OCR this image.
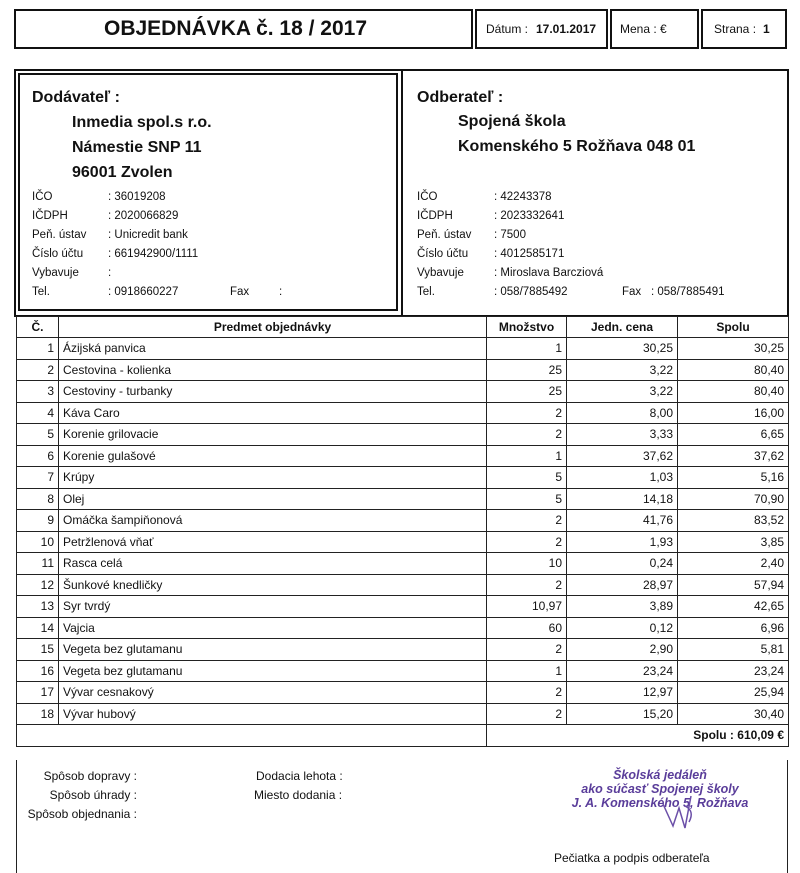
OBJEDNÁVKA č. 18 / 2017	Dátum : 17.01.2017 Mena : €	Strana : 1
Dodávateľ :
Inmedia spol.s r.o.
Námestie SNP 11
96001 Zvolen
IČO	: 36019208
IČDPH	: 2020066829
Peň. ústav : Unicredit bank
Číslo účtu : 661942900/1111
Vybavuje	:
Tel.	: 0918660227	Fax	:
Odberateľ :
Spojená škola
Komenského 5 Rožňava 048 01
IČO	: 42243378
IČDPH	: 2023332641
Peň. ústav : 7500
Číslo účtu : 4012585171
Vybavuje	: Miroslava Barcziová
Tel.	: 058/7885492	Fax : 058/7885491
Č.	Predmet objednávky	Množstvo	Jedn. cena	Spolu
1	Ázijská panvica	1	30,25	30,25
2	Cestovina - kolienka	25	3,22	80,40
3	Cestoviny - turbanky	25	3,22	80,40
4	Káva Caro	2	8,00	16,00
5	Korenie grilovacie	2	3,33	6,65
6	Korenie gulašové	1	37,62	37,62
7	Krúpy	5	1,03	5,16
8	Olej	5	14,18	70,90
9	Omáčka šampiňonová	2	41,76	83,52
10	Petržlenová vňať	2	1,93	3,85
11	Rasca celá	10	0,24	2,40
12	Šunkové knedličky	2	28,97	57,94
13	Syr tvrdý	10,97	3,89	42,65
14	Vajcia	60	0,12	6,96
15	Vegeta bez glutamanu	2	2,90	5,81
16	Vegeta bez glutamanu	1	23,24	23,24
17	Vývar cesnakový	2	12,97	25,94
18	Vývar hubový	2	15,20	30,40
		Spolu : 610,09 €		
Spôsob dopravy :
Spôsob úhrady :
Spôsob objednania :
Dodacia lehota :
Miesto dodania :
Školská jedáleň
ako súčasť Spojenej školy
J. A. Komenského 5, Rožňava
Pečiatka a podpis odberateľa
